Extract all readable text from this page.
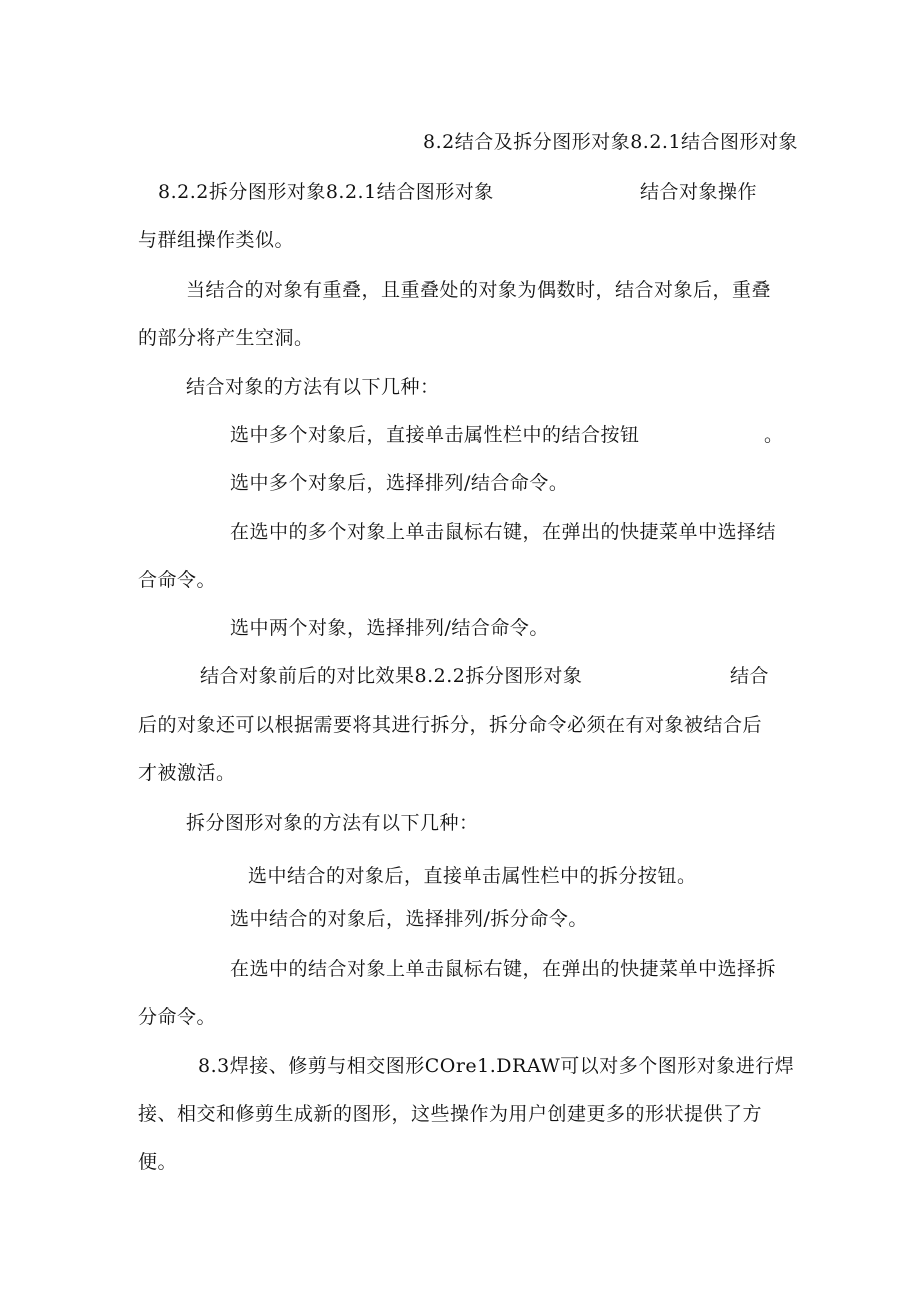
8.2结合及拆分图形对象8.2.1结合图形对象
8.2.2拆分图形对象8.2.1结合图形对象	结合对象操作
与群组操作类似。
当结合的对象有重叠，且重叠处的对象为偶数时，结合对象后，重叠
的部分将产生空洞。
结合对象的方法有以下几种：
选中多个对象后，直接单击属性栏中的结合按钮	。
选中多个对象后，选择排列/结合命令。
在选中的多个对象上单击鼠标右键，在弹出的快捷菜单中选择结
合命令。
选中两个对象，选择排列/结合命令。
结合对象前后的对比效果8.2.2拆分图形对象	结合
后的对象还可以根据需要将其进行拆分，拆分命令必须在有对象被结合后
才被激活。
拆分图形对象的方法有以下几种：
选中结合的对象后，直接单击属性栏中的拆分按钮。
选中结合的对象后，选择排列/拆分命令。
在选中的结合对象上单击鼠标右键，在弹出的快捷菜单中选择拆
分命令。
8.3焊接、修剪与相交图形COre1.DRAW可以对多个图形对象进行焊
接、相交和修剪生成新的图形，这些操作为用户创建更多的形状提供了方
便。
